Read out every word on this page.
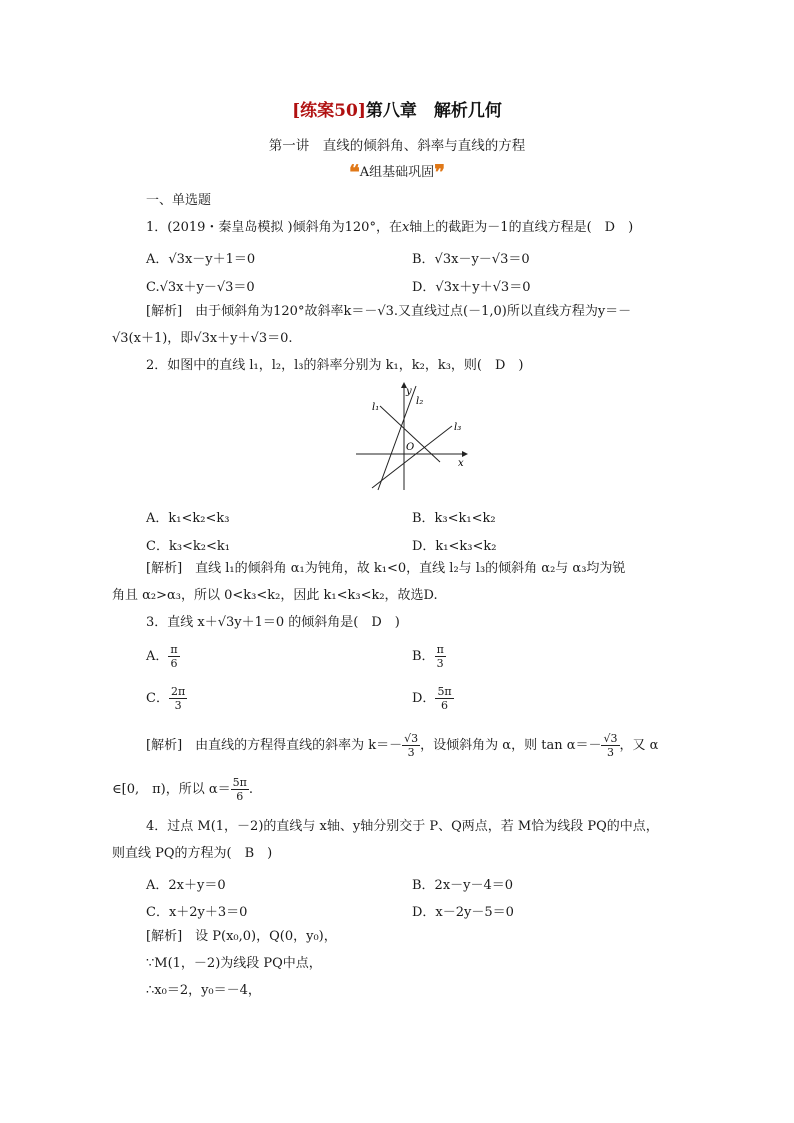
[练案50]第八章　解析几何
第一讲　直线的倾斜角、斜率与直线的方程
❝A组基础巩固❞
一、单选题
1．(2019・秦皇岛模拟 )倾斜角为120°，在x轴上的截距为－1的直线方程是(　D　)
A．√3x－y＋1＝0	B．√3x－y－√3＝0
C.√3x＋y－√3＝0	D．√3x＋y＋√3＝0
[解析]　由于倾斜角为120°故斜率k＝－√3.又直线过点(－1,0)所以直线方程为y＝－
√3(x＋1)，即√3x＋y＋√3＝0.
2．如图中的直线 l₁，l₂，l₃的斜率分别为 k₁，k₂，k₃，则(　D　)
l₁
l₂
l₃
y
x
O
A．k₁<k₂<k₃	B．k₃<k₁<k₂
C．k₃<k₂<k₁	D．k₁<k₃<k₂
[解析]　直线 l₁的倾斜角 α₁为钝角，故 k₁<0，直线 l₂与 l₃的倾斜角 α₂与 α₃均为锐
角且 α₂>α₃，所以 0<k₃<k₂，因此 k₁<k₃<k₂，故选D.
3．直线 x＋√3y＋1＝0 的倾斜角是(　D　)
A． $\frac{\pi}{6}$	B． $\frac{\pi}{3}$
C． $\frac{2\pi}{3}$	D． $\frac{5\pi}{6}$
[解析]　由直线的方程得直线的斜率为 $k=- \frac{√3}{3}$ ，设倾斜角为 α，则 $\tan \alpha=- \frac{√3}{3}$ ，又 α
∈[0,　π)，所以 $\alpha= \frac{5\pi}{6}$ .
4．过点 M(1，－2)的直线与 x轴、y轴分别交于 P、Q两点，若 M恰为线段 PQ的中点，
则直线 PQ的方程为(　B　)
A．2x＋y＝0	B．2x－y－4＝0
C．x＋2y＋3＝0	D．x－2y－5＝0
[解析]　设 P(x₀,0)，Q(0，y₀)，
∵M(1，－2)为线段 PQ中点，
∴x₀＝2，y₀＝－4，
